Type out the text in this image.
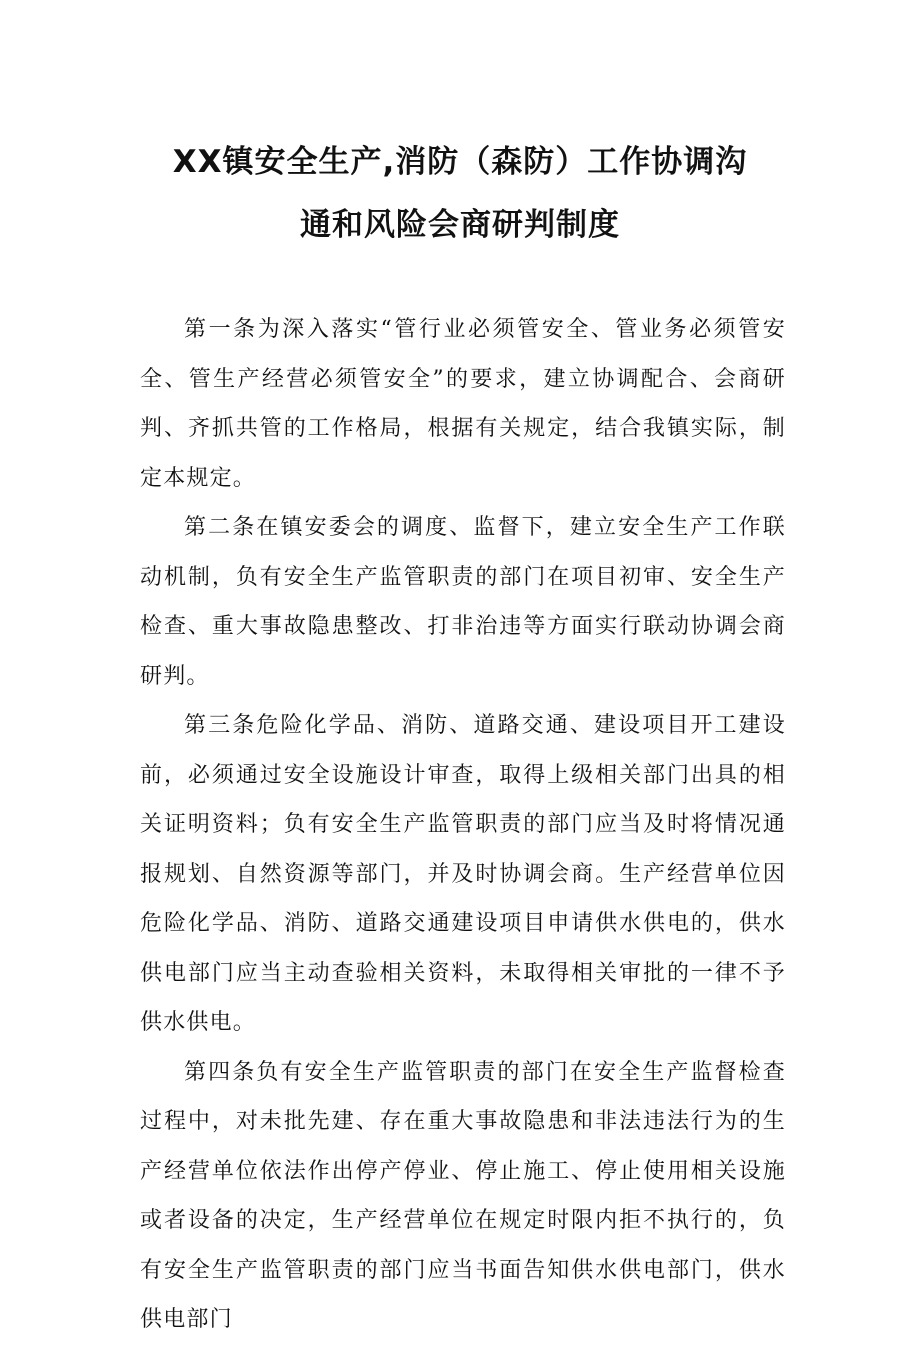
XX镇安全生产,消防（森防）工作协调沟
通和风险会商研判制度

第一条为深入落实“管行业必须管安全、管业务必须管安全、管生产经营必须管安全”的要求，建立协调配合、会商研判、齐抓共管的工作格局，根据有关规定，结合我镇实际，制定本规定。

第二条在镇安委会的调度、监督下，建立安全生产工作联动机制，负有安全生产监管职责的部门在项目初审、安全生产检查、重大事故隐患整改、打非治违等方面实行联动协调会商研判。

第三条危险化学品、消防、道路交通、建设项目开工建设前，必须通过安全设施设计审查，取得上级相关部门出具的相关证明资料；负有安全生产监管职责的部门应当及时将情况通报规划、自然资源等部门，并及时协调会商。生产经营单位因危险化学品、消防、道路交通建设项目申请供水供电的，供水供电部门应当主动查验相关资料，未取得相关审批的一律不予供水供电。

第四条负有安全生产监管职责的部门在安全生产监督检查过程中，对未批先建、存在重大事故隐患和非法违法行为的生产经营单位依法作出停产停业、停止施工、停止使用相关设施或者设备的决定，生产经营单位在规定时限内拒不执行的，负有安全生产监管职责的部门应当书面告知供水供电部门，供水供电部门
